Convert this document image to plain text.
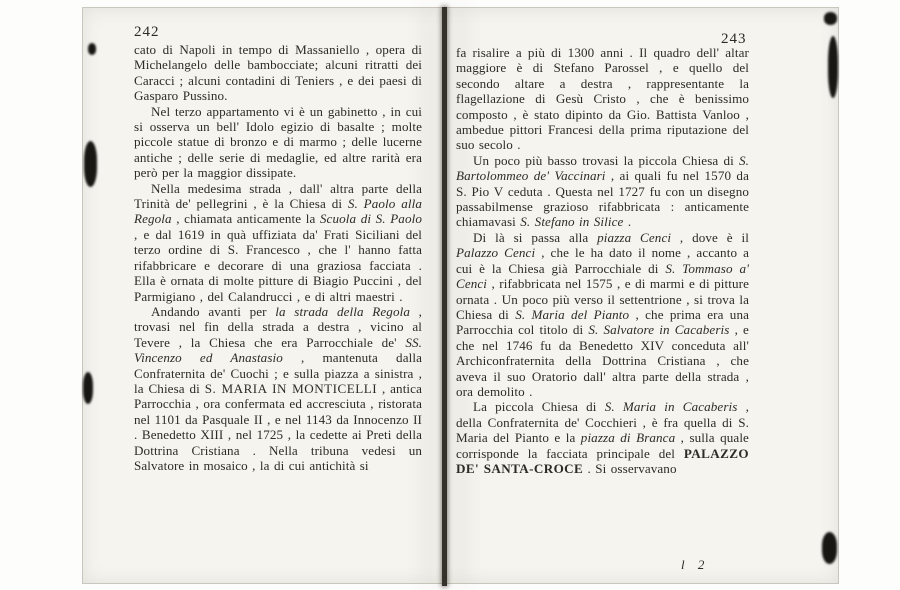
242

cato di Napoli in tempo di Massaniello , opera di Michelangelo delle bambocciate; alcuni ritratti dei Caracci ; alcuni contadini di Teniers , e dei paesi di Gasparo Pussino.

Nel terzo appartamento vi è un gabinetto , in cui si osserva un bell' Idolo egizio di basalte ; molte piccole statue di bronzo e di marmo ; delle lucerne antiche ; delle serie di medaglie, ed altre rarità era però per la maggior dissipate.

Nella medesima strada , dall' altra parte della Trinità de' pellegrini , è la Chiesa di S. Paolo alla Regola , chiamata anticamente la Scuola di S. Paolo , e dal 1619 in quà uffiziata da' Frati Siciliani del terzo ordine di S. Francesco , che l' hanno fatta rifabbricare e decorare di una graziosa facciata . Ella è ornata di molte pitture di Biagio Puccini , del Parmigiano , del Calandrucci , e di altri maestri .

Andando avanti per la strada della Regola , trovasi nel fin della strada a destra , vicino al Tevere , la Chiesa che era Parrocchiale de' SS. Vincenzo ed Anastasio , mantenuta dalla Confraternita de' Cuochi ; e sulla piazza a sinistra , la Chiesa di S. MARIA IN MONTICELLI , antica Parrocchia , ora confermata ed accresciuta , ristorata nel 1101 da Pasquale II , e nel 1143 da Innocenzo II . Benedetto XIII , nel 1725 , la cedette ai Preti della Dottrina Cristiana . Nella tribuna vedesi un Salvatore in mosaico , la di cui antichità si

243

fa risalire a più di 1300 anni . Il quadro dell' altar maggiore è di Stefano Parossel , e quello del secondo altare a destra , rappresentante la flagellazione di Gesù Cristo , che è benissimo composto , è stato dipinto da Gio. Battista Vanloo , ambedue pittori Francesi della prima riputazione del suo secolo .

Un poco più basso trovasi la piccola Chiesa di S. Bartolommeo de' Vaccinari , ai quali fu nel 1570 da S. Pio V ceduta . Questa nel 1727 fu con un disegno passabilmense grazioso rifabbricata : anticamente chiamavasi S. Stefano in Silice .

Di là si passa alla piazza Cenci , dove è il Palazzo Cenci , che le ha dato il nome , accanto a cui è la Chiesa già Parrocchiale di S. Tommaso a' Cenci , rifabbricata nel 1575 , e di marmi e di pitture ornata . Un poco più verso il settentrione , si trova la Chiesa di S. Maria del Pianto , che prima era una Parrocchia col titolo di S. Salvatore in Cacaberis , e che nel 1746 fu da Benedetto XIV conceduta all' Archiconfraternita della Dottrina Cristiana , che aveva il suo Oratorio dall' altra parte della strada , ora demolito .

La piccola Chiesa di S. Maria in Cacaberis , della Confraternita de' Cocchieri , è fra quella di S. Maria del Pianto e la piazza di Branca , sulla quale corrisponde la facciata principale del PALAZZO DE' SANTA-CROCE . Si osservavano

l 2
